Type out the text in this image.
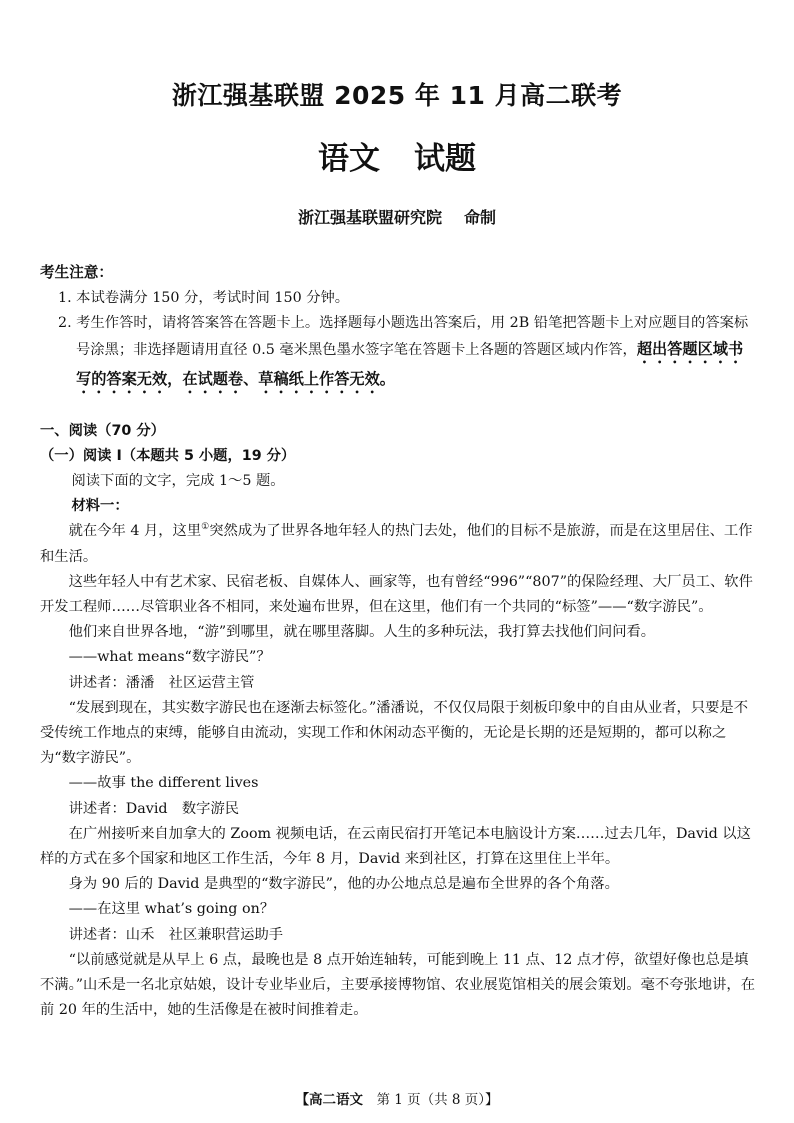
浙江强基联盟 2025 年 11 月高二联考
语文 试题
浙江强基联盟研究院 命制
考生注意：

1. 本试卷满分 150 分，考试时间 150 分钟。

2. 考生作答时，请将答案答在答题卡上。选择题每小题选出答案后，用 2B 铅笔把答题卡上对应题目的答案标号涂黑；非选择题请用直径 0.5 毫米黑色墨水签字笔在答题卡上各题的答题区域内作答，超出答题区域书写的答案无效，在试题卷、草稿纸上作答无效。

一、阅读（70 分）

（一）阅读 Ⅰ（本题共 5 小题，19 分）

阅读下面的文字，完成 1～5 题。

材料一：

就在今年 4 月，这里①突然成为了世界各地年轻人的热门去处，他们的目标不是旅游，而是在这里居住、工作和生活。

这些年轻人中有艺术家、民宿老板、自媒体人、画家等，也有曾经“996”“807”的保险经理、大厂员工、软件开发工程师……尽管职业各不相同，来处遍布世界，但在这里，他们有一个共同的“标签”——“数字游民”。

他们来自世界各地，“游”到哪里，就在哪里落脚。人生的多种玩法，我打算去找他们问问看。

——what means“数字游民”？

讲述者：潘潘　社区运营主管

“发展到现在，其实数字游民也在逐渐去标签化。”潘潘说，不仅仅局限于刻板印象中的自由从业者，只要是不受传统工作地点的束缚，能够自由流动，实现工作和休闲动态平衡的，无论是长期的还是短期的，都可以称之为“数字游民”。

——故事 the different lives

讲述者：David　数字游民

在广州接听来自加拿大的 Zoom 视频电话，在云南民宿打开笔记本电脑设计方案……过去几年，David 以这样的方式在多个国家和地区工作生活，今年 8 月，David 来到社区，打算在这里住上半年。

身为 90 后的 David 是典型的“数字游民”，他的办公地点总是遍布全世界的各个角落。

——在这里 what’s going on？

讲述者：山禾　社区兼职营运助手

“以前感觉就是从早上 6 点，最晚也是 8 点开始连轴转，可能到晚上 11 点、12 点才停，欲望好像也总是填不满。”山禾是一名北京姑娘，设计专业毕业后，主要承接博物馆、农业展览馆相关的展会策划。毫不夸张地讲，在前 20 年的生活中，她的生活像是在被时间推着走。

【高二语文  第 1 页（共 8 页）】
